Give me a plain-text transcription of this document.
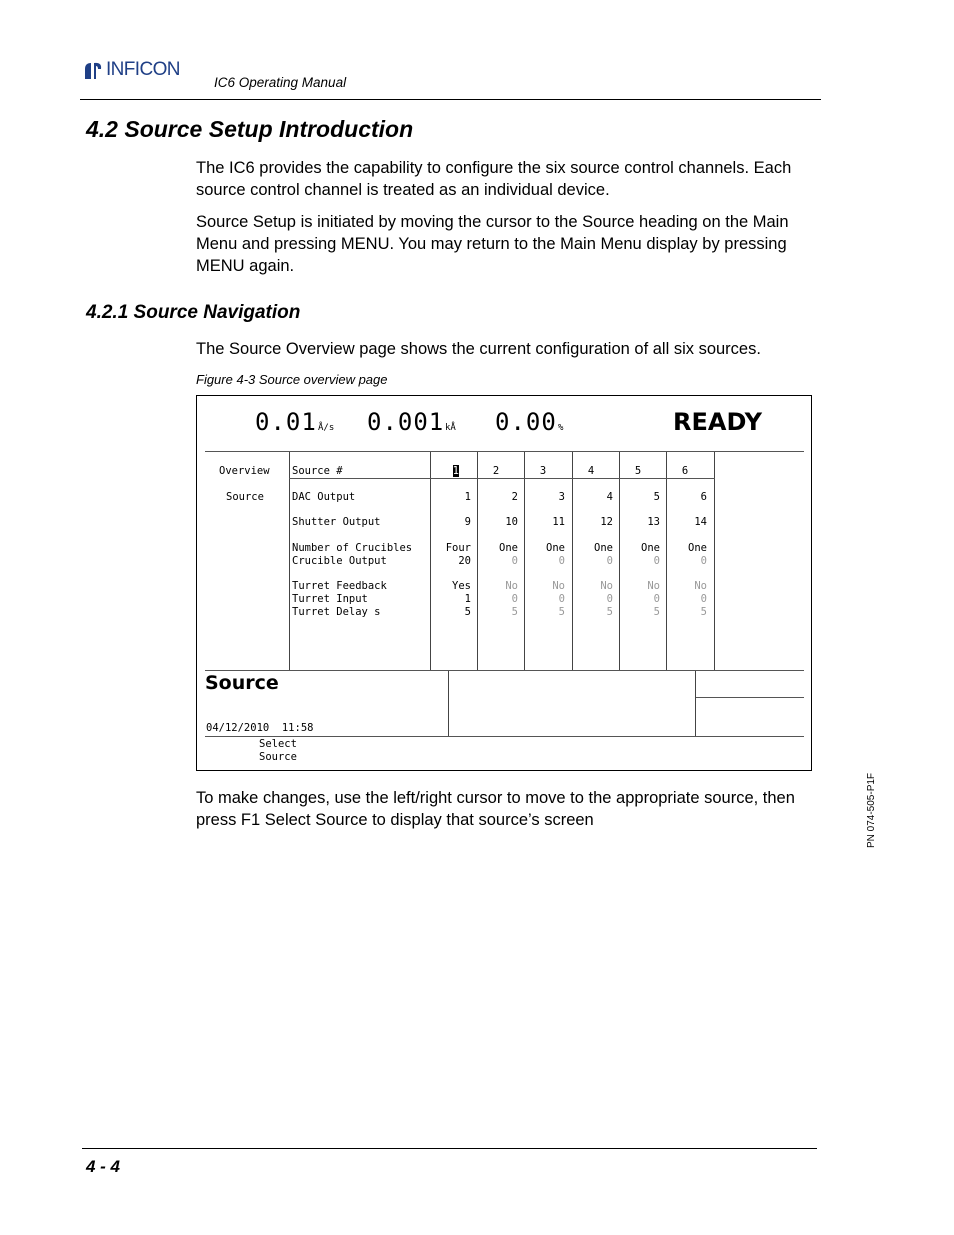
INFICON
IC6 Operating Manual
4.2 Source Setup Introduction

The IC6 provides the capability to configure the six source control channels. Each source control channel is treated as an individual device.

Source Setup is initiated by moving the cursor to the Source heading on the Main Menu and pressing MENU. You may return to the Main Menu display by pressing MENU again.

4.2.1 Source Navigation

The Source Overview page shows the current configuration of all six sources.

Figure 4-3 Source overview page
0.01 Å/s 0.001 kÅ 0.00 %	READY
Overview
Source
Source #
DAC Output
Shutter Output
Number of Crucibles
Crucible Output
Turret Feedback
Turret Input
Turret Delay s
1
1
9
Four
20
Yes
1
5
2
2
10
One
0
No
0
5
3
3
11
One
0
No
0
5
4
4
12
One
0
No
0
5
5
5
13
One
0
No
0
5
6
6
14
One
0
No
0
5
Source
04/12/2010  11:58
Select
Source

To make changes, use the left/right cursor to move to the appropriate source, then press F1 Select Source to display that source’s screen	PN 074-505-P1F
4 - 4
